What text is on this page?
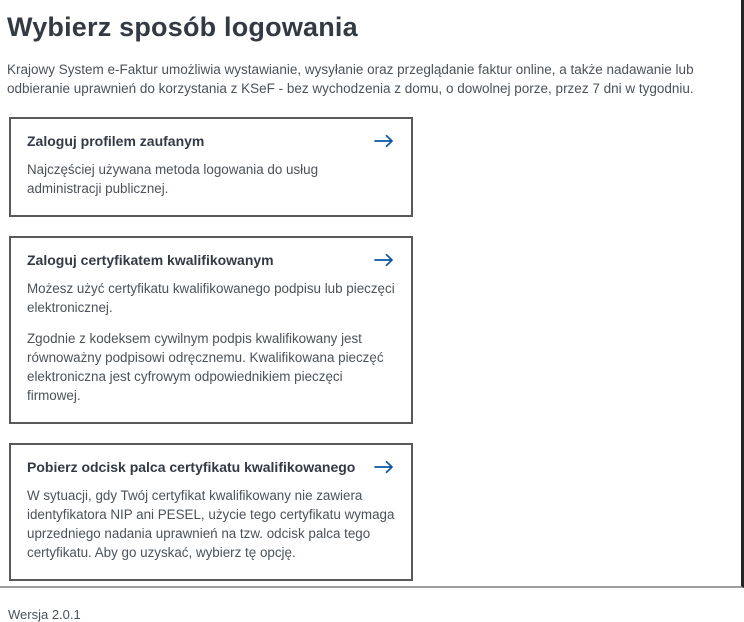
Wybierz sposób logowania

Krajowy System e-Faktur umożliwia wystawianie, wysyłanie oraz przeglądanie faktur online, a także nadawanie lub odbieranie uprawnień do korzystania z KSeF - bez wychodzenia z domu, o dowolnej porze, przez 7 dni w tygodniu.

Zaloguj profilem zaufanym

Najczęściej używana metoda logowania do usług administracji publicznej.

Zaloguj certyfikatem kwalifikowanym

Możesz użyć certyfikatu kwalifikowanego podpisu lub pieczęci elektronicznej.

Zgodnie z kodeksem cywilnym podpis kwalifikowany jest równoważny podpisowi odręcznemu. Kwalifikowana pieczęć elektroniczna jest cyfrowym odpowiednikiem pieczęci firmowej.

Pobierz odcisk palca certyfikatu kwalifikowanego

W sytuacji, gdy Twój certyfikat kwalifikowany nie zawiera identyfikatora NIP ani PESEL, użycie tego certyfikatu wymaga uprzedniego nadania uprawnień na tzw. odcisk palca tego certyfikatu. Aby go uzyskać, wybierz tę opcję.

Wersja 2.0.1
